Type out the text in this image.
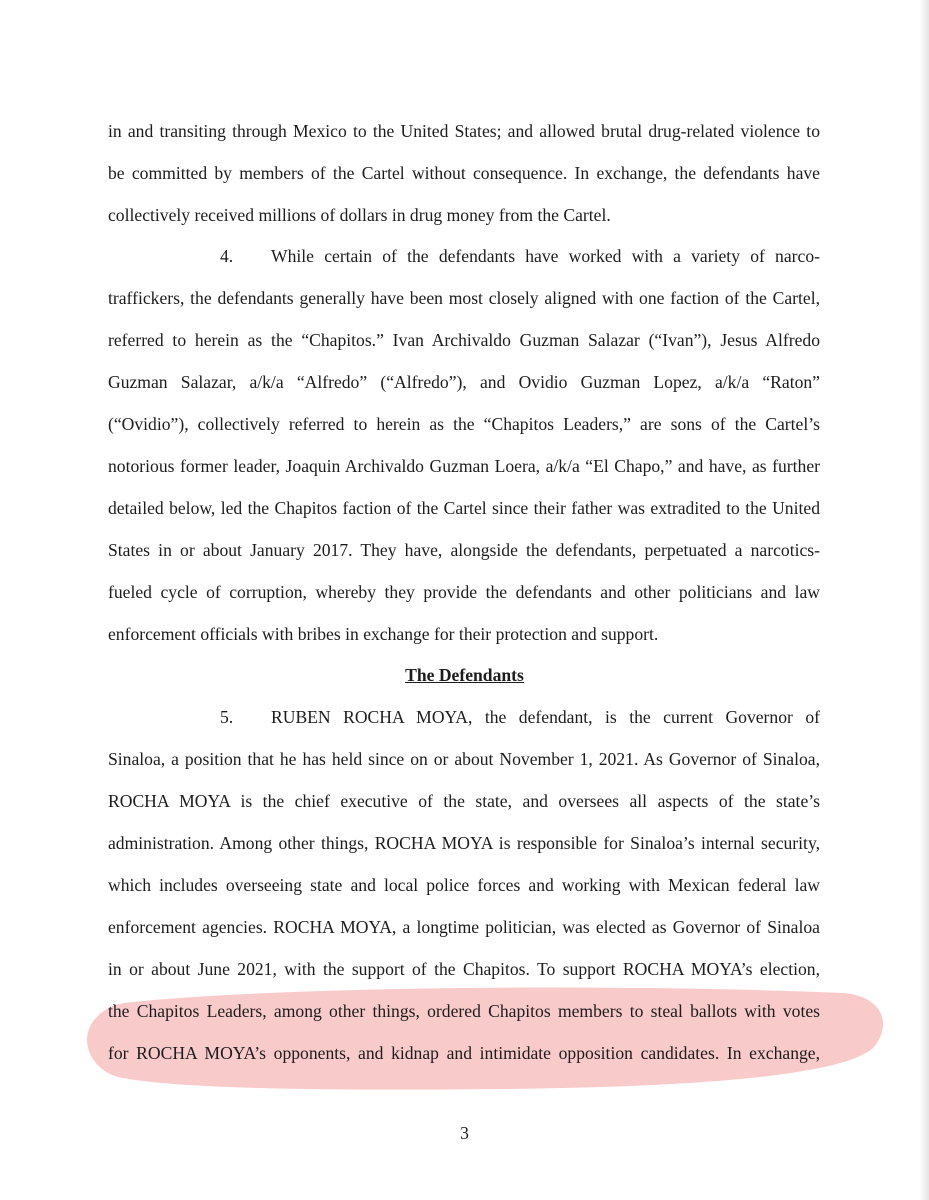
in and transiting through Mexico to the United States; and allowed brutal drug-related violence to
be committed by members of the Cartel without consequence. In exchange, the defendants have
collectively received millions of dollars in drug money from the Cartel.
4. While certain of the defendants have worked with a variety of narco-
traffickers, the defendants generally have been most closely aligned with one faction of the Cartel,
referred to herein as the “Chapitos.” Ivan Archivaldo Guzman Salazar (“Ivan”), Jesus Alfredo
Guzman Salazar, a/k/a “Alfredo” (“Alfredo”), and Ovidio Guzman Lopez, a/k/a “Raton”
(“Ovidio”), collectively referred to herein as the “Chapitos Leaders,” are sons of the Cartel’s
notorious former leader, Joaquin Archivaldo Guzman Loera, a/k/a “El Chapo,” and have, as further
detailed below, led the Chapitos faction of the Cartel since their father was extradited to the United
States in or about January 2017. They have, alongside the defendants, perpetuated a narcotics-
fueled cycle of corruption, whereby they provide the defendants and other politicians and law
enforcement officials with bribes in exchange for their protection and support.
The Defendants
5. RUBEN ROCHA MOYA, the defendant, is the current Governor of
Sinaloa, a position that he has held since on or about November 1, 2021. As Governor of Sinaloa,
ROCHA MOYA is the chief executive of the state, and oversees all aspects of the state’s
administration. Among other things, ROCHA MOYA is responsible for Sinaloa’s internal security,
which includes overseeing state and local police forces and working with Mexican federal law
enforcement agencies. ROCHA MOYA, a longtime politician, was elected as Governor of Sinaloa
in or about June 2021, with the support of the Chapitos. To support ROCHA MOYA’s election,
the Chapitos Leaders, among other things, ordered Chapitos members to steal ballots with votes
for ROCHA MOYA’s opponents, and kidnap and intimidate opposition candidates. In exchange,
3
